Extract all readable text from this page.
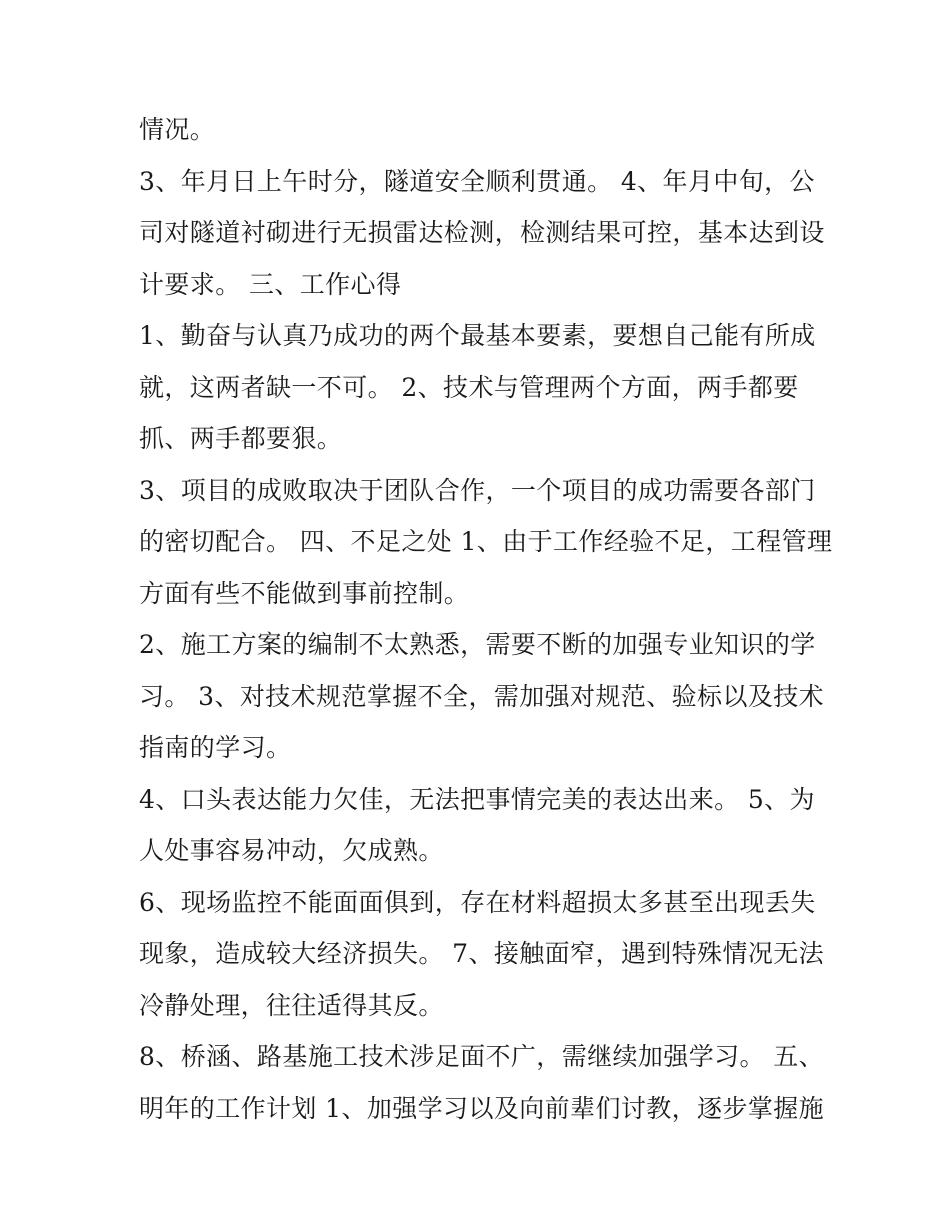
情况。
3、年月日上午时分，隧道安全顺利贯通。 4、年月中旬，公
司对隧道衬砌进行无损雷达检测，检测结果可控，基本达到设
计要求。 三、工作心得
1、勤奋与认真乃成功的两个最基本要素，要想自己能有所成
就，这两者缺一不可。 2、技术与管理两个方面，两手都要
抓、两手都要狠。
3、项目的成败取决于团队合作，一个项目的成功需要各部门
的密切配合。 四、不足之处 1、由于工作经验不足，工程管理
方面有些不能做到事前控制。
2、施工方案的编制不太熟悉，需要不断的加强专业知识的学
习。 3、对技术规范掌握不全，需加强对规范、验标以及技术
指南的学习。
4、口头表达能力欠佳，无法把事情完美的表达出来。 5、为
人处事容易冲动，欠成熟。
6、现场监控不能面面俱到，存在材料超损太多甚至出现丢失
现象，造成较大经济损失。 7、接触面窄，遇到特殊情况无法
冷静处理，往往适得其反。
8、桥涵、路基施工技术涉足面不广，需继续加强学习。 五、
明年的工作计划 1、加强学习以及向前辈们讨教，逐步掌握施
